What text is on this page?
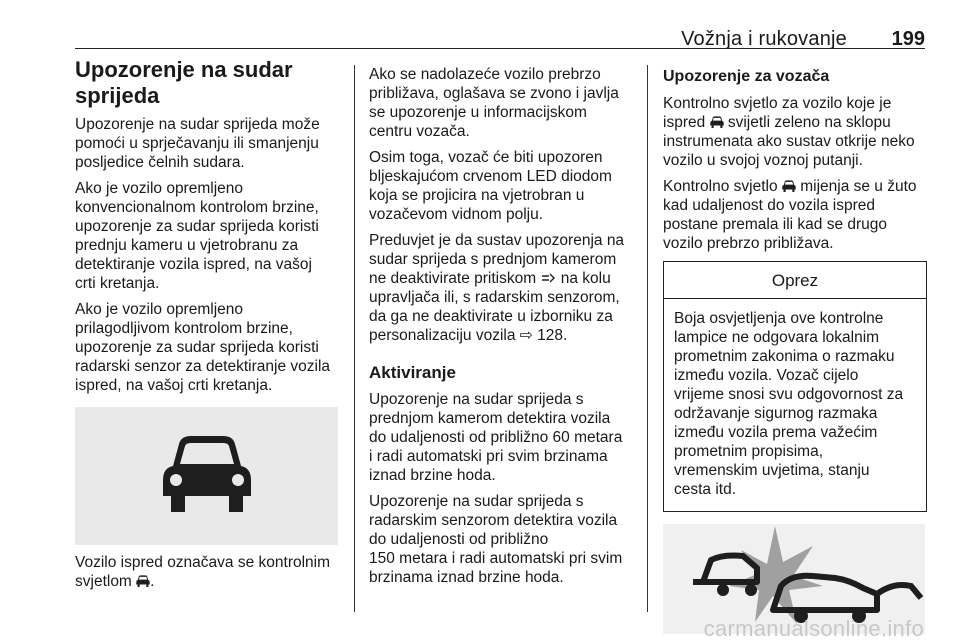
Vožnja i rukovanje 199
Upozorenje na sudar
sprijeda

Upozorenje na sudar sprijeda može
pomoći u sprječavanju ili smanjenju
posljedice čelnih sudara.

Ako je vozilo opremljeno
konvencionalnom kontrolom brzine,
upozorenje za sudar sprijeda koristi
prednju kameru u vjetrobranu za
detektiranje vozila ispred, na vašoj
crti kretanja.

Ako je vozilo opremljeno
prilagodljivom kontrolom brzine,
upozorenje za sudar sprijeda koristi
radarski senzor za detektiranje vozila
ispred, na vašoj crti kretanja.

Vozilo ispred označava se kontrolnim
svjetlom .

Ako se nadolazeće vozilo prebrzo
približava, oglašava se zvono i javlja
se upozorenje u informacijskom
centru vozača.

Osim toga, vozač će biti upozoren
bljeskajućom crvenom LED diodom
koja se projicira na vjetrobran u
vozačevom vidnom polju.

Preduvjet je da sustav upozorenja na
sudar sprijeda s prednjom kamerom
ne deaktivirate pritiskom na kolu
upravljača ili, s radarskim senzorom,
da ga ne deaktivirate u izborniku za
personalizaciju vozila ⇨ 128.

Aktiviranje

Upozorenje na sudar sprijeda s
prednjom kamerom detektira vozila
do udaljenosti od približno 60 metara
i radi automatski pri svim brzinama
iznad brzine hoda.

Upozorenje na sudar sprijeda s
radarskim senzorom detektira vozila
do udaljenosti od približno
150 metara i radi automatski pri svim
brzinama iznad brzine hoda.

Upozorenje za vozača

Kontrolno svjetlo za vozilo koje je
ispred svijetli zeleno na sklopu
instrumenata ako sustav otkrije neko
vozilo u svojoj voznoj putanji.

Kontrolno svjetlo mijenja se u žuto
kad udaljenost do vozila ispred
postane premala ili kad se drugo
vozilo prebrzo približava.

Oprez
Boja osvjetljenja ove kontrolne
lampice ne odgovara lokalnim
prometnim zakonima o razmaku
između vozila. Vozač cijelo
vrijeme snosi svu odgovornost za
održavanje sigurnog razmaka
između vozila prema važećim
prometnim propisima,
vremenskim uvjetima, stanju
cesta itd.
carmanualsonline.info
